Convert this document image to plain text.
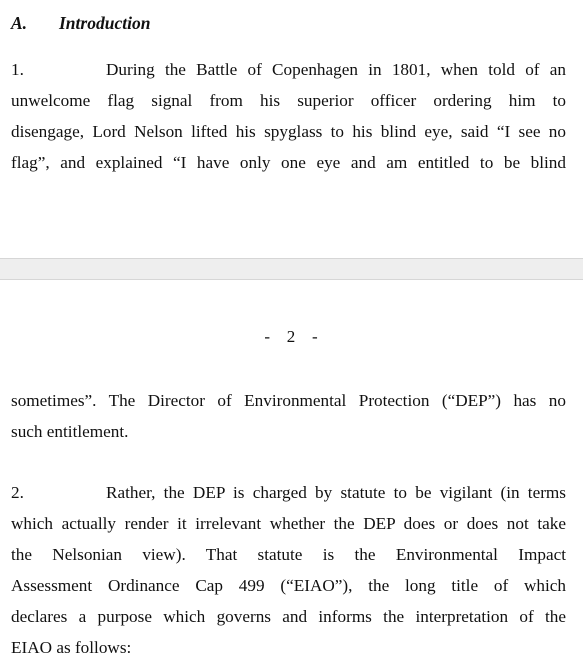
A. Introduction
1.	During the Battle of Copenhagen in 1801, when told of an
unwelcome flag signal from his superior officer ordering him to
disengage, Lord Nelson lifted his spyglass to his blind eye, said “I see no
flag”, and explained “I have only one eye and am entitled to be blind
-   2   -
sometimes”. The Director of Environmental Protection (“DEP”) has no
such entitlement.
2.	Rather, the DEP is charged by statute to be vigilant (in terms
which actually render it irrelevant whether the DEP does or does not take
the Nelsonian view). That statute is the Environmental Impact
Assessment Ordinance Cap 499 (“EIAO”), the long title of which
declares a purpose which governs and informs the interpretation of the
EIAO as follows:
